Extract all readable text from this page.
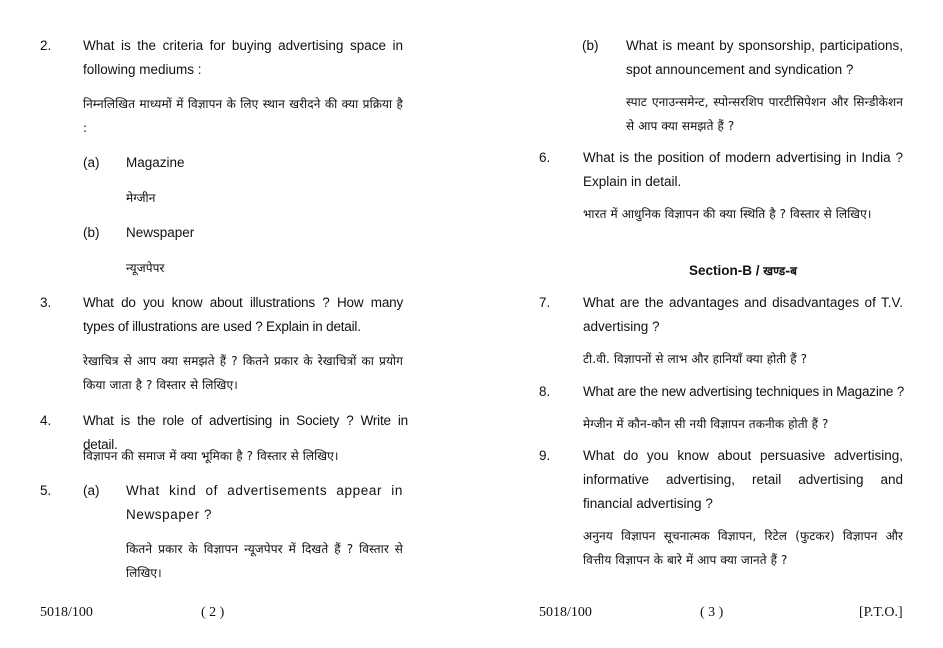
2. What is the criteria for buying advertising space in following mediums :
निम्नलिखित माध्यमों में विज्ञापन के लिए स्थान खरीदने की क्या प्रक्रिया है :
(a) Magazine
मेग्जीन
(b) Newspaper
न्यूजपेपर
3. What do you know about illustrations ? How many types of illustrations are used ? Explain in detail.
रेखाचित्र से आप क्या समझते हैं ? कितने प्रकार के रेखाचित्रों का प्रयोग किया जाता है ? विस्तार से लिखिए।
4. What is the role of advertising in Society ? Write in detail.
विज्ञापन की समाज में क्या भूमिका है ? विस्तार से लिखिए।
5. (a) What kind of advertisements appear in Newspaper ?
कितने प्रकार के विज्ञापन न्यूजपेपर में दिखते हैं ? विस्तार से लिखिए।
5018/100	( 2 )
(b) What is meant by sponsorship, participations, spot announcement and syndication ?
स्पाट एनाउन्समेन्ट, स्पोन्सरशिप पारटीसिपेशन और सिन्डीकेशन से आप क्या समझते हैं ?
6. What is the position of modern advertising in India ? Explain in detail.
भारत में आधुनिक विज्ञापन की क्या स्थिति है ? विस्तार से लिखिए।
Section-B / खण्ड-ब
7. What are the advantages and disadvantages of T.V. advertising ?
टी.वी. विज्ञापनों से लाभ और हानियाँ क्या होती हैं ?
8. What are the new advertising techniques in Magazine ?
मेग्जीन में कौन-कौन सी नयी विज्ञापन तकनीक होती हैं ?
9. What do you know about persuasive advertising, informative advertising, retail advertising and financial advertising ?
अनुनय विज्ञापन सूचनात्मक विज्ञापन, रिटेल (फुटकर) विज्ञापन और वित्तीय विज्ञापन के बारे में आप क्या जानते हैं ?
5018/100	( 3 )	[P.T.O.]
